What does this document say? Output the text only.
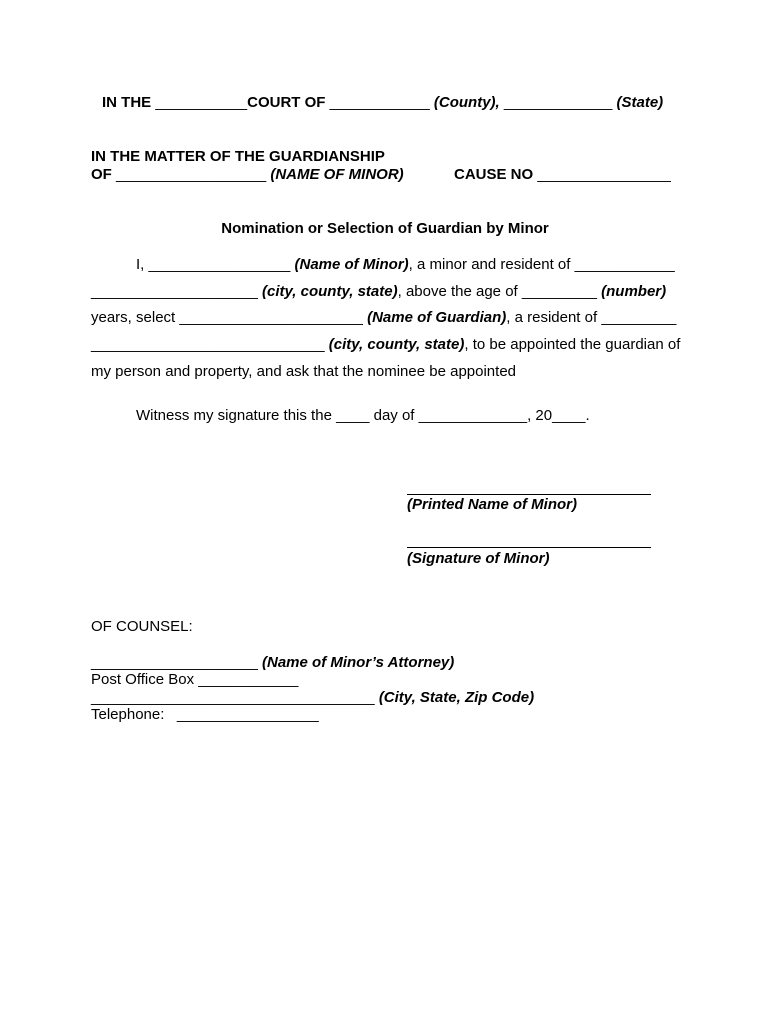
IN THE ___________COURT OF ____________ (County), _____________ (State)
IN THE MATTER OF THE GUARDIANSHIP
OF __________________ (NAME OF MINOR)	CAUSE NO ________________
Nomination or Selection of Guardian by Minor
I, _________________ (Name of Minor), a minor and resident of ____________
____________________ (city, county, state), above the age of _________ (number)
years, select ______________________ (Name of Guardian), a resident of _________
____________________________ (city, county, state), to be appointed the guardian of
my person and property, and ask that the nominee be appointed
Witness my signature this the ____ day of _____________, 20____.
(Printed Name of Minor)
(Signature of Minor)
OF COUNSEL:
____________________ (Name of Minor’s Attorney)
Post Office Box ____________
__________________________________ (City, State, Zip Code)
Telephone:   _________________
